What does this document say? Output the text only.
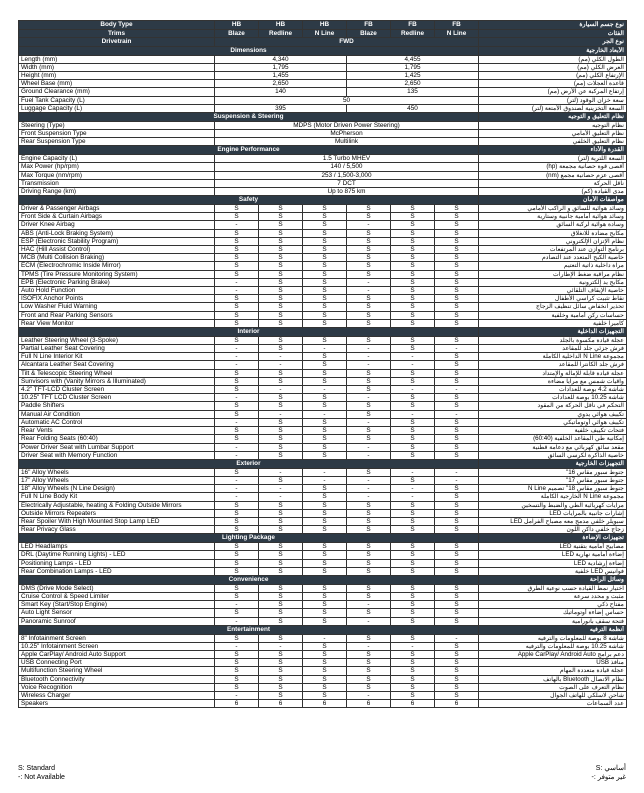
Body Type	HB	HB	HB	FB	FB	FB	نوع جسم السيارة
Trims	Blaze	Redline	N Line	Blaze	Redline	N Line	الفئات
Drivetrain	FWD						نوع الجر
Dimensions							الأبعاد الخارجية
Length (mm)	4,340			4,455			الطول الكلي (مم)
Width (mm)	1,795			1,795			العرض الكلي (مم)
Height (mm)	1,455			1,425			الإرتفاع الكلي (مم)
Wheel Base (mm)	2,650			2,650			قاعدة العجلات (مم)
Ground Clearance (mm)	140			135			إرتفاع المركبة عن الأرض (مم)
Fuel Tank Capacity (L)	50						سعة خزان الوقود (لتر)
Luggage Capacity (L)	395			450			السعة التخزينية لصندوق الأمتعة (لتر)
Suspension & Steering							نظام التعليق و التوجيه
Steering (Type)	MDPS (Motor Driven Power Steering)						نظام التوجيه
Front Suspension Type	McPherson						نظام التعليق الأمامي
Rear Suspension Type	Multilink						نظام التعليق الخلفي
Engine Performance							القدرة والأداء
Engine Capacity (L)	1.5 Turbo MHEV						السعة اللترية (لتر)
Max Power (hp/rpm)	140 / 5,500						أقصى قوة حصانية مجمعة (hp)
Max Torque (nm/rpm)	253 / 1,500-3,000						أقصى عزم حصانية مجمع (nm)
Transmission	7 DCT						ناقل الحركة
Driving Range (km)	Up to 875 km						مدى القيادة (كم)
Safety							مواصفات الأمان
Driver & Passenger Airbags	S	S	S	S	S	S	وسائد هوائية للسائق و الراكب الأمامي
Front Side & Curtain Airbags	S	S	S	S	S	S	وسائد هوائية أمامية جانبية وستارية
Driver Knee Airbag	-	S	S	-	S	S	وسادة هوائية لركبة السائق
ABS (Anti-Lock Braking System)	S	S	S	S	S	S	مكابح مضادة للانغلاق
ESP (Electronic Stability Program)	S	S	S	S	S	S	نظام الإتزان الإلكتروني
HAC (Hill Assist Control)	S	S	S	S	S	S	برنامج التوازن عند المرتفعات
MCB (Multi Collision Braking)	S	S	S	S	S	S	خاصية الكبح المتعدد عند التصادم
ECM (Electrochromic Inside Mirror)	S	S	S	S	S	S	مرآة داخلية ذاتية التعتيم
TPMS (Tire Pressure Monitoring System)	S	S	S	S	S	S	نظام مراقبة ضغط الإطارات
EPB (Electronic Parking Brake)	-	S	S	-	S	S	مكابح يد إلكترونية
Auto Hold Function	-	S	S	-	S	S	خاصية الإيقاف التلقائي
ISOFIX Anchor Points	S	S	S	S	S	S	نقاط تثبيت كراسي الأطفال
Low Washer Fluid Warning	S	S	S	S	S	S	تحذير انخفاض سائل تنظيف الزجاج
Front and Rear Parking Sensors	S	S	S	S	S	S	حساسات ركن أمامية وخلفية
Rear View Monitor	S	S	S	S	S	S	كاميرا خلفية
Interior							التجهيزات الداخلية
Leather Steering Wheel (3-Spoke)	S	S	S	S	S	S	عجلة قيادة مكسوة بالجلد
Partial Leather Seat Covering	-	S	-	-	S	-	فرش جزئي جلد للمقاعد
Full N Line Interior Kit	-	-	S	-	-	S	مجموعة N Line الداخلية الكاملة
Alcantara Leather Seat Covering	-	-	S	-	-	S	فرش جلد الكانترا للمقاعد
Tilt & Telescopic Steering Wheel	S	S	S	S	S	S	عجلة قيادة قابلة للإمالة والإمتداد
Sunvisors with (Vanity Mirrors & Illuminated)	S	S	S	S	S	S	واقيات شمس مع مرايا مضاءة
4.2" TFT-LCD Cluster Screen	S	-	-	S	-	-	شاشة 4.2 بوصة للعدادات
10.25" TFT LCD Cluster Screen	-	S	S	-	S	S	شاشة 10.25 بوصة للعدادات
Paddle Shifters	S	S	S	S	S	S	التحكم في ناقل الحركة من المقود
Manual Air Condition	S	-	-	S	-	-	تكييف هوائي يدوي
Automatic AC Control	-	S	S	-	S	S	تكييف هوائي أوتوماتيكي
Rear Vents	S	S	S	S	S	S	فتحات تكييف خلفية
Rear Folding Seats (60:40)	S	S	S	S	S	S	إمكانية طي المقاعد الخلفية (60:40)
Power Driver Seat with Lumbar Support	-	S	S	-	S	S	مقعد سائق كهربائي مع دعامة قطنية
Driver Seat with Memory Function	-	S	S	-	S	S	خاصية الذاكرة لكرسي السائق
Exterior							التجهيزات الخارجية
16" Alloy Wheels	S	-	-	S	-	-	جنوط سبور مقاس 16"
17" Alloy Wheels	-	S	-	-	S	-	جنوط سبور مقاس 17"
18" Alloy Wheels (N Line Design)	-	-	S	-	-	S	جنوط سبور مقاس 18" تصميم N Line
Full N Line Body Kit	-	-	S	-	-	S	مجموعة N Line الخارجية الكاملة
Electrically Adjustable, heating & Folding Outside Mirrors	S	S	S	S	S	S	مرايات كهربائية الطي والضبط والتسخين
Outside Mirrors Repeaters	S	S	S	S	S	S	إشارات جانبية بالمرايات LED
Rear Spoiler With High Mounted Stop Lamp LED	S	S	S	S	S	S	سبويلر خلفي مدمج معه مصباح الفرامل LED
Rear Privacy Glass	S	S	S	S	S	S	زجاج خلفي داكن اللون
Lighting Package							تجهيزات الإضاءة
LED Headlamps	S	S	S	S	S	S	مصابيح أمامية بتقنية LED
DRL (Daytime Running Lights) - LED	S	S	S	S	S	S	إضاءة أمامية نهارية LED
Positioning Lamps - LED	S	S	S	S	S	S	إضاءة إرشادية LED
Rear Combination Lamps - LED	S	S	S	S	S	S	فوانيس LED خلفية
Convenience							وسائل الراحة
DMS (Drive Mode Select)	S	S	S	S	S	S	اختيار نمط القيادة حسب نوعية الطرق
Cruise Control & Speed Limiter	S	S	S	S	S	S	مثبت و محدد سرعة
Smart Key (Start/Stop Engine)	-	S	S	-	S	S	مفتاح ذكي
Auto Light Sensor	S	S	S	S	S	S	حساس إضاءة أوتوماتيك
Panoramic Sunroof	-	S	S	-	S	S	فتحة سقف بانورامية
Entertainment							أنظمة الترفيه
8" Infotainment Screen	S	S	-	S	S	-	شاشة 8 بوصة للمعلومات والترفيه
10.25" Infotainment Screen	-	-	S	-	-	S	شاشة 10.25 بوصة للمعلومات والترفيه
Apple CarPlay/ Android Auto Support	S	S	S	S	S	S	دعم برامج Apple CarPlay/ Android Auto
USB Connecting Port	S	S	S	S	S	S	منافذ USB
Multifunction Steering Wheel	S	S	S	S	S	S	عجلة قيادة متعددة المهام
Bluetooth Connectivity	S	S	S	S	S	S	نظام الاتصال Bluetooth بالهاتف
Voice Recognition	S	S	S	S	S	S	نظام التعرف على الصوت
Wireless Charger	-	S	S	-	S	S	شاحن لاسلكي للهاتف الجوال
Speakers	6	6	6	6	6	6	عدد السماعات
S: Standard
-: Not Available
أساسي :S
غير متوفر :-
